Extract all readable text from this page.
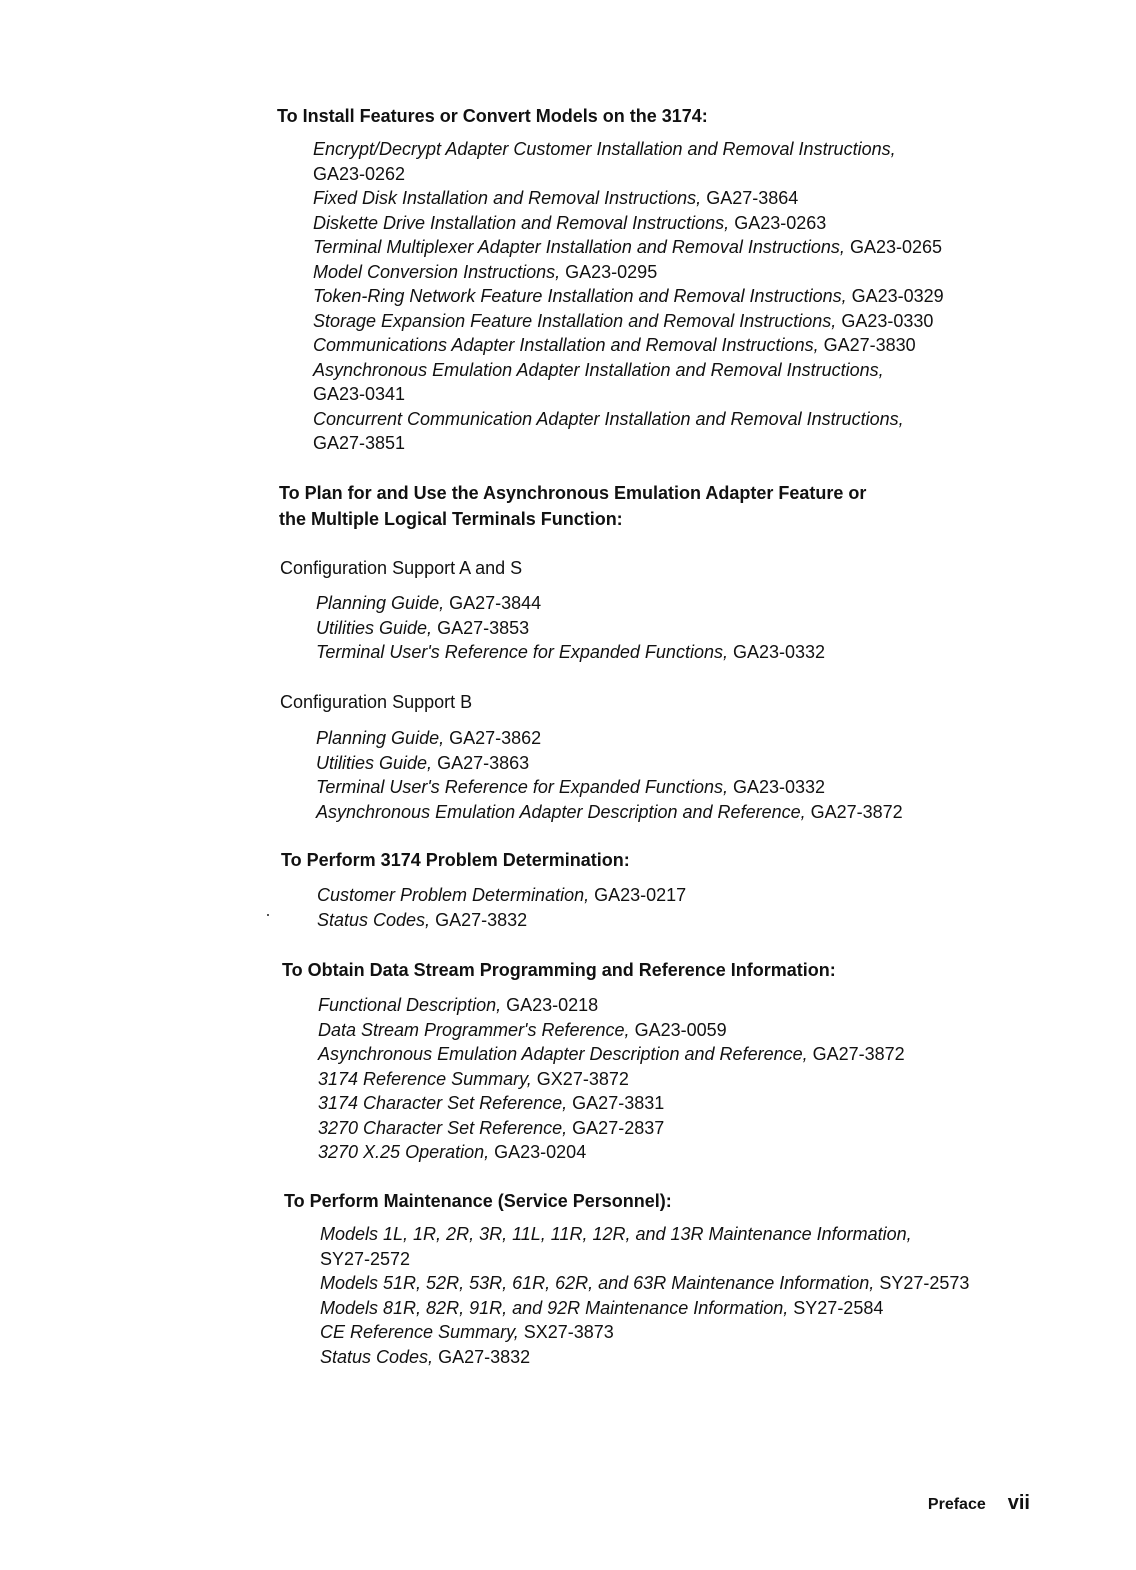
To Install Features or Convert Models on the 3174:
Encrypt/Decrypt Adapter Customer Installation and Removal Instructions,
GA23-0262
Fixed Disk Installation and Removal Instructions, GA27-3864
Diskette Drive Installation and Removal Instructions, GA23-0263
Terminal Multiplexer Adapter Installation and Removal Instructions, GA23-0265
Model Conversion Instructions, GA23-0295
Token-Ring Network Feature Installation and Removal Instructions, GA23-0329
Storage Expansion Feature Installation and Removal Instructions, GA23-0330
Communications Adapter Installation and Removal Instructions, GA27-3830
Asynchronous Emulation Adapter Installation and Removal Instructions,
GA23-0341
Concurrent Communication Adapter Installation and Removal Instructions,
GA27-3851
To Plan for and Use the Asynchronous Emulation Adapter Feature or
the Multiple Logical Terminals Function:
Configuration Support A and S
Planning Guide, GA27-3844
Utilities Guide, GA27-3853
Terminal User's Reference for Expanded Functions, GA23-0332
Configuration Support B
Planning Guide, GA27-3862
Utilities Guide, GA27-3863
Terminal User's Reference for Expanded Functions, GA23-0332
Asynchronous Emulation Adapter Description and Reference, GA27-3872
To Perform 3174 Problem Determination:
Customer Problem Determination, GA23-0217
Status Codes, GA27-3832
To Obtain Data Stream Programming and Reference Information:
Functional Description, GA23-0218
Data Stream Programmer's Reference, GA23-0059
Asynchronous Emulation Adapter Description and Reference, GA27-3872
3174 Reference Summary, GX27-3872
3174 Character Set Reference, GA27-3831
3270 Character Set Reference, GA27-2837
3270 X.25 Operation, GA23-0204
To Perform Maintenance (Service Personnel):
Models 1L, 1R, 2R, 3R, 11L, 11R, 12R, and 13R Maintenance Information,
SY27-2572
Models 51R, 52R, 53R, 61R, 62R, and 63R Maintenance Information, SY27-2573
Models 81R, 82R, 91R, and 92R Maintenance Information, SY27-2584
CE Reference Summary, SX27-3873
Status Codes, GA27-3832
Preface vii
